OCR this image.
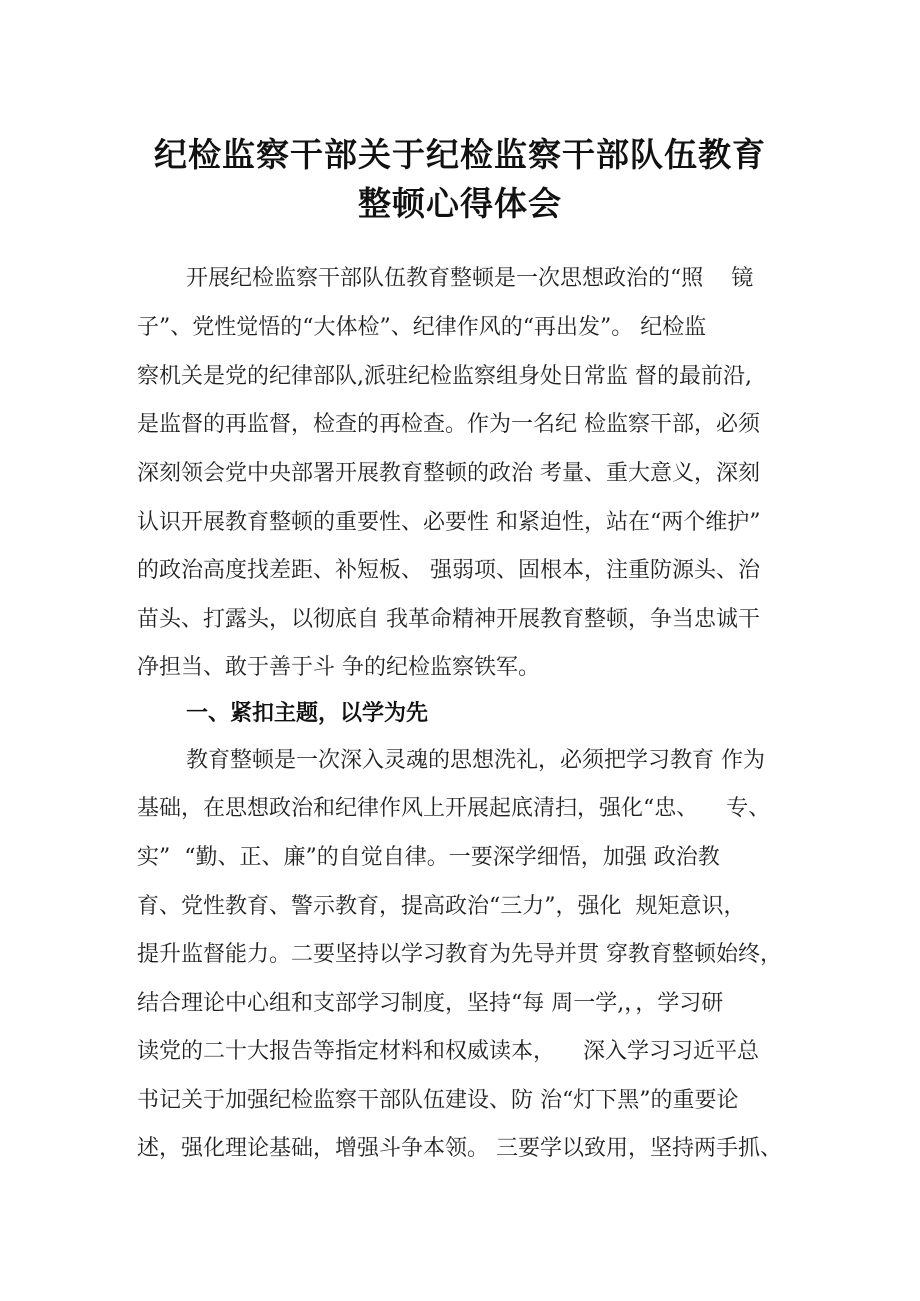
纪检监察干部关于纪检监察干部队伍教育
整顿心得体会
开展纪检监察干部队伍教育整顿是一次思想政治的“照    镜
子”、党性觉悟的“大体检”、纪律作风的“再出发”。 纪检监
察机关是党的纪律部队,派驻纪检监察组身处日常监 督的最前沿,
是监督的再监督，检查的再检查。作为一名纪 检监察干部，必须
深刻领会党中央部署开展教育整顿的政治 考量、重大意义，深刻
认识开展教育整顿的重要性、必要性 和紧迫性，站在“两个维护”
的政治高度找差距、补短板、 强弱项、固根本，注重防源头、治
苗头、打露头，以彻底自 我革命精神开展教育整顿，争当忠诚干
净担当、敢于善于斗 争的纪检监察铁军。
一、紧扣主题，以学为先
教育整顿是一次深入灵魂的思想洗礼，必须把学习教育 作为
基础，在思想政治和纪律作风上开展起底清扫，强化“忠、    专、
实”  “勤、正、廉”的自觉自律。一要深学细悟，加强 政治教
育、党性教育、警示教育，提高政治“三力”，强化  规矩意识，
提升监督能力。二要坚持以学习教育为先导并贯 穿教育整顿始终，
结合理论中心组和支部学习制度，坚持“每 周一学,，，学习研
读党的二十大报告等指定材料和权威读本，    深入学习习近平总
书记关于加强纪检监察干部队伍建设、防 治“灯下黑”的重要论
述，强化理论基础，增强斗争本领。 三要学以致用，坚持两手抓、
